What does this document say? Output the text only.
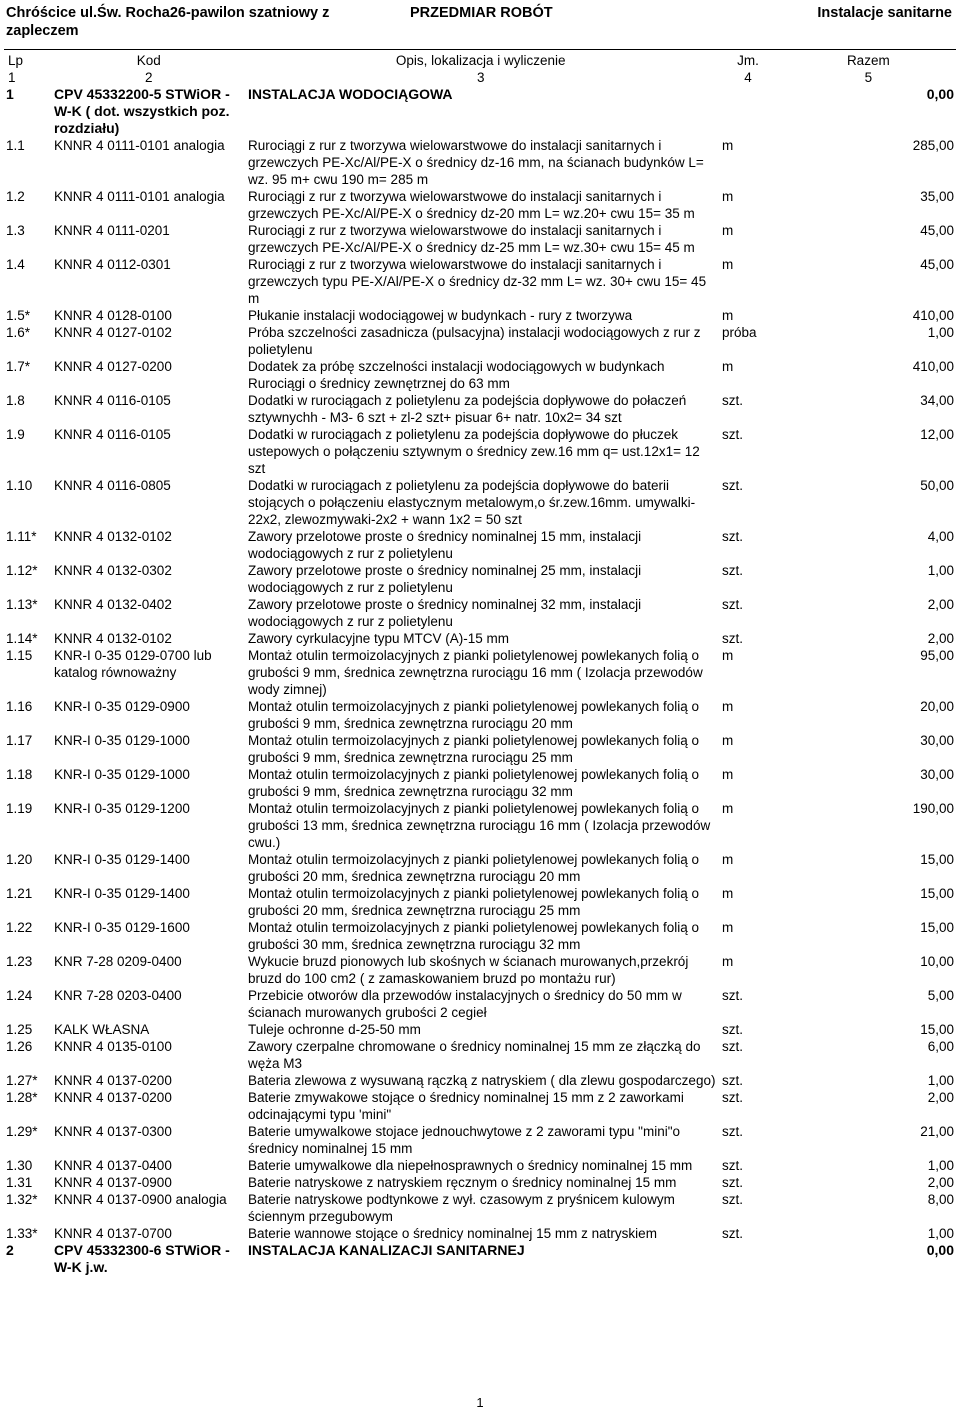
Chróścice ul.Św. Rocha26-pawilon szatniowy z zapleczem
PRZEDMIAR ROBÓT	Instalacje sanitarne
Lp	Kod	Opis, lokalizacja i wyliczenie	Jm.	Razem
1	2	3	4	5
1	CPV 45332200-5 STWiOR - W-K ( dot. wszystkich poz. rozdziału)	INSTALACJA WODOCIĄGOWA		0,00
1.1	KNNR 4 0111-0101 analogia	Rurociągi z rur z tworzywa wielowarstwowe do instalacji sanitarnych i grzewczych PE-Xc/Al/PE-X o średnicy dz-16 mm, na ścianach budynków L= wz. 95 m+ cwu 190 m= 285 m	m	285,00
1.2	KNNR 4 0111-0101 analogia	Rurociągi z rur z tworzywa wielowarstwowe do instalacji sanitarnych i grzewczych PE-Xc/Al/PE-X o średnicy dz-20 mm L= wz.20+ cwu 15= 35 m	m	35,00
1.3	KNNR 4 0111-0201	Rurociągi z rur z tworzywa wielowarstwowe do instalacji sanitarnych i grzewczych PE-Xc/Al/PE-X o średnicy dz-25 mm L= wz.30+ cwu 15= 45 m	m	45,00
1.4	KNNR 4 0112-0301	Rurociągi z rur z tworzywa wielowarstwowe do instalacji sanitarnych i grzewczych typu PE-X/Al/PE-X o średnicy dz-32 mm L= wz. 30+ cwu 15= 45 m	m	45,00
1.5*	KNNR 4 0128-0100	Płukanie instalacji wodociągowej w budynkach - rury z tworzywa	m	410,00
1.6*	KNNR 4 0127-0102	Próba szczelności zasadnicza (pulsacyjna) instalacji wodociągowych z rur z polietylenu	próba	1,00
1.7*	KNNR 4 0127-0200	Dodatek za próbę szczelności instalacji wodociągowych w budynkach Rurociągi o średnicy zewnętrznej do 63 mm	m	410,00
1.8	KNNR 4 0116-0105	Dodatki w rurociągach z polietylenu za podejścia dopływowe do połaczeń sztywnychh - M3- 6 szt + zl-2 szt+ pisuar 6+ natr. 10x2= 34 szt	szt.	34,00
1.9	KNNR 4 0116-0105	Dodatki w rurociągach z polietylenu za podejścia dopływowe do płuczek ustepowych o połączeniu sztywnym o średnicy zew.16 mm q= ust.12x1= 12 szt	szt.	12,00
1.10	KNNR 4 0116-0805	Dodatki w rurociągach z polietylenu za podejścia dopływowe do baterii stojących o połączeniu elastycznym metalowym,o śr.zew.16mm. umywalki-22x2, zlewozmywaki-2x2 + wann 1x2 = 50 szt	szt.	50,00
1.11*	KNNR 4 0132-0102	Zawory przelotowe proste o średnicy nominalnej 15 mm, instalacji wodociągowych z rur z polietylenu	szt.	4,00
1.12*	KNNR 4 0132-0302	Zawory przelotowe proste o średnicy nominalnej 25 mm, instalacji wodociągowych z rur z polietylenu	szt.	1,00
1.13*	KNNR 4 0132-0402	Zawory przelotowe proste o średnicy nominalnej 32 mm, instalacji wodociągowych z rur z polietylenu	szt.	2,00
1.14*	KNNR 4 0132-0102	Zawory cyrkulacyjne typu MTCV (A)-15 mm	szt.	2,00
1.15	KNR-I 0-35 0129-0700 lub katalog równoważny	Montaż otulin termoizolacyjnych z pianki polietylenowej powlekanych folią o grubości 9 mm, średnica zewnętrzna rurociągu 16 mm ( Izolacja przewodów wody zimnej)	m	95,00
1.16	KNR-I 0-35 0129-0900	Montaż otulin termoizolacyjnych z pianki polietylenowej powlekanych folią o grubości 9 mm, średnica zewnętrzna rurociągu 20 mm	m	20,00
1.17	KNR-I 0-35 0129-1000	Montaż otulin termoizolacyjnych z pianki polietylenowej powlekanych folią o grubości 9 mm, średnica zewnętrzna rurociągu 25 mm	m	30,00
1.18	KNR-I 0-35 0129-1000	Montaż otulin termoizolacyjnych z pianki polietylenowej powlekanych folią o grubości 9 mm, średnica zewnętrzna rurociągu 32 mm	m	30,00
1.19	KNR-I 0-35 0129-1200	Montaż otulin termoizolacyjnych z pianki polietylenowej powlekanych folią o grubości 13 mm, średnica zewnętrzna rurociągu 16 mm ( Izolacja przewodów cwu.)	m	190,00
1.20	KNR-I 0-35 0129-1400	Montaż otulin termoizolacyjnych z pianki polietylenowej powlekanych folią o grubości 20 mm, średnica zewnętrzna rurociągu 20 mm	m	15,00
1.21	KNR-I 0-35 0129-1400	Montaż otulin termoizolacyjnych z pianki polietylenowej powlekanych folią o grubości 20 mm, średnica zewnętrzna rurociągu 25 mm	m	15,00
1.22	KNR-I 0-35 0129-1600	Montaż otulin termoizolacyjnych z pianki polietylenowej powlekanych folią o grubości 30 mm, średnica zewnętrzna rurociągu 32 mm	m	15,00
1.23	KNR 7-28 0209-0400	Wykucie bruzd pionowych lub skośnych w ścianach murowanych,przekrój bruzd do 100 cm2 ( z zamaskowaniem bruzd po montażu rur)	m	10,00
1.24	KNR 7-28 0203-0400	Przebicie otworów dla przewodów instalacyjnych o średnicy do 50 mm w ścianach murowanych grubości 2 cegieł	szt.	5,00
1.25	KALK WŁASNA	Tuleje ochronne d-25-50 mm	szt.	15,00
1.26	KNNR 4 0135-0100	Zawory czerpalne chromowane o średnicy nominalnej 15 mm ze złączką do węża M3	szt.	6,00
1.27*	KNNR 4 0137-0200	Bateria zlewowa z wysuwaną rączką z natryskiem ( dla zlewu gospodarczego)	szt.	1,00
1.28*	KNNR 4 0137-0200	Baterie zmywakowe stojące o średnicy nominalnej 15 mm z 2 zaworkami odcinającymi typu 'mini"	szt.	2,00
1.29*	KNNR 4 0137-0300	Baterie umywalkowe stojace jednouchwytowe z 2 zaworami typu "mini"o średnicy nominalnej 15 mm	szt.	21,00
1.30	KNNR 4 0137-0400	Baterie umywalkowe dla niepełnosprawnych o średnicy nominalnej 15 mm	szt.	1,00
1.31	KNNR 4 0137-0900	Baterie natryskowe z natryskiem ręcznym o średnicy nominalnej 15 mm	szt.	2,00
1.32*	KNNR 4 0137-0900 analogia	Baterie natryskowe podtynkowe z wył. czasowym z pryśnicem kulowym ściennym przegubowym	szt.	8,00
1.33*	KNNR 4 0137-0700	Baterie wannowe stojące o średnicy nominalnej 15 mm z natryskiem	szt.	1,00
2	CPV 45332300-6 STWiOR - W-K j.w.	INSTALACJA KANALIZACJI SANITARNEJ		0,00
1
